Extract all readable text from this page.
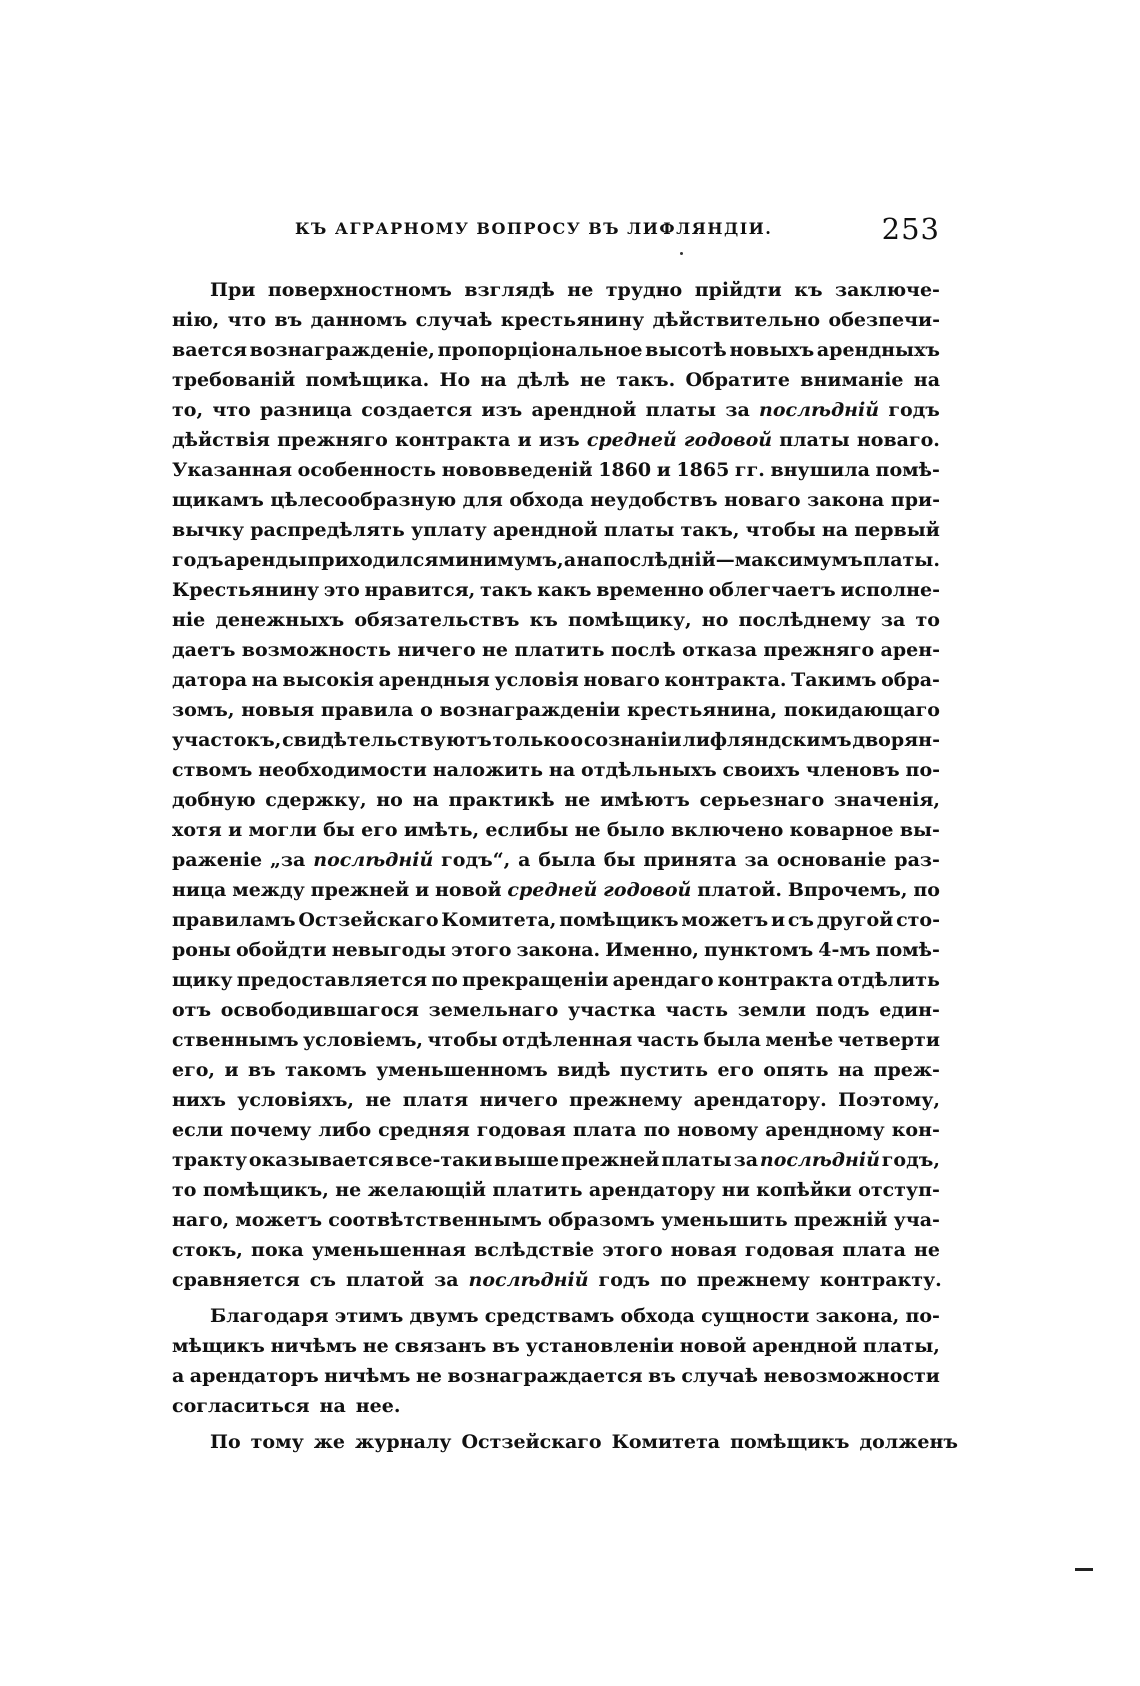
КЪ АГРАРНОМУ ВОПРОСУ ВЪ ЛИФЛЯНДІИ.	253
При поверхностномъ взглядѣ не трудно прійдти къ заключе-
нію, что въ данномъ случаѣ крестьянину дѣйствительно обезпечи-
вается вознагражденіе, пропорціональное высотѣ новыхъ арендныхъ
требованій помѣщика. Но на дѣлѣ не такъ. Обратите вниманіе на
то, что разница создается изъ арендной платы за послѣдній годъ
дѣйствія прежняго контракта и изъ средней годовой платы новаго.
Указанная особенность нововведеній 1860 и 1865 гг. внушила помѣ-
щикамъ цѣлесообразную для обхода неудобствъ новаго закона при-
вычку распредѣлять уплату арендной платы такъ, чтобы на первый
годъ аренды приходился минимумъ, а на послѣдній—максимумъ платы.
Крестьянину это нравится, такъ какъ временно облегчаетъ исполне-
ніе денежныхъ обязательствъ къ помѣщику, но послѣднему за то
даетъ возможность ничего не платить послѣ отказа прежняго арен-
датора на высокія арендныя условія новаго контракта. Такимъ обра-
зомъ, новыя правила о вознагражденіи крестьянина, покидающаго
участокъ, свидѣтельствуютъ только о сознаніи лифляндскимъ дворян-
ствомъ необходимости наложить на отдѣльныхъ своихъ членовъ по-
добную сдержку, но на практикѣ не имѣютъ серьезнаго значенія,
хотя и могли бы его имѣть, еслибы не было включено коварное вы-
раженіе „за послѣдній годъ“, а была бы принята за основаніе раз-
ница между прежней и новой средней годовой платой. Впрочемъ, по
правиламъ Остзейскаго Комитета, помѣщикъ можетъ и съ другой сто-
роны обойдти невыгоды этого закона. Именно, пунктомъ 4-мъ помѣ-
щику предоставляется по прекращеніи арендаго контракта отдѣлить
отъ освободившагося земельнаго участка часть земли подъ един-
ственнымъ условіемъ, чтобы отдѣленная часть была менѣе четверти
его, и въ такомъ уменьшенномъ видѣ пустить его опять на преж-
нихъ условіяхъ, не платя ничего прежнему арендатору. Поэтому,
если почему либо средняя годовая плата по новому арендному кон-
тракту оказывается все-таки выше прежней платы за послѣдній годъ,
то помѣщикъ, не желающій платить арендатору ни копѣйки отступ-
наго, можетъ соотвѣтственнымъ образомъ уменьшить прежній уча-
стокъ, пока уменьшенная вслѣдствіе этого новая годовая плата не
сравняется съ платой за послѣдній годъ по прежнему контракту.
Благодаря этимъ двумъ средствамъ обхода сущности закона, по-
мѣщикъ ничѣмъ не связанъ въ установленіи новой арендной платы,
а арендаторъ ничѣмъ не вознаграждается въ случаѣ невозможности
согласиться на нее.
По тому же журналу Остзейскаго Комитета помѣщикъ долженъ
